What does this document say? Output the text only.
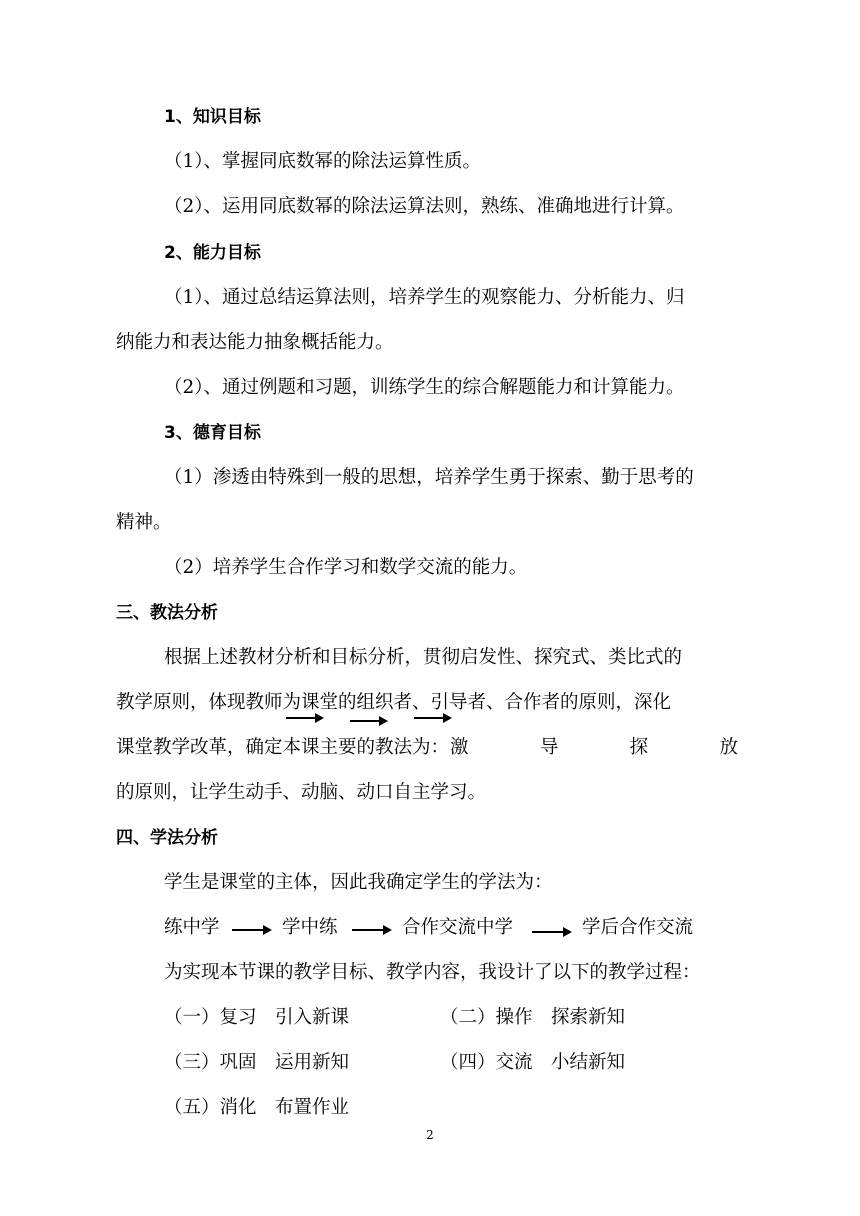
1、知识目标
（1）、掌握同底数幂的除法运算性质。
（2）、运用同底数幂的除法运算法则，熟练、准确地进行计算。
2、能力目标
（1）、通过总结运算法则，培养学生的观察能力、分析能力、归
纳能力和表达能力抽象概括能力。
（2）、通过例题和习题，训练学生的综合解题能力和计算能力。
3、德育目标
（1）渗透由特殊到一般的思想，培养学生勇于探索、勤于思考的
精神。
（2）培养学生合作学习和数学交流的能力。
三、教法分析
根据上述教材分析和目标分析，贯彻启发性、探究式、类比式的
教学原则，体现教师为课堂的组织者、引导者、合作者的原则，深化
课堂教学改革，确定本课主要的教法为： 激	导	探	放
的原则，让学生动手、动脑、动口自主学习。
四、学法分析
学生是课堂的主体，因此我确定学生的学法为：
练中学	学中练	合作交流中学	学后合作交流
为实现本节课的教学目标、教学内容，我设计了以下的教学过程：
（一）复习　引入新课	（二）操作　探索新知
（三）巩固　运用新知	（四）交流　小结新知
（五）消化　布置作业
2
